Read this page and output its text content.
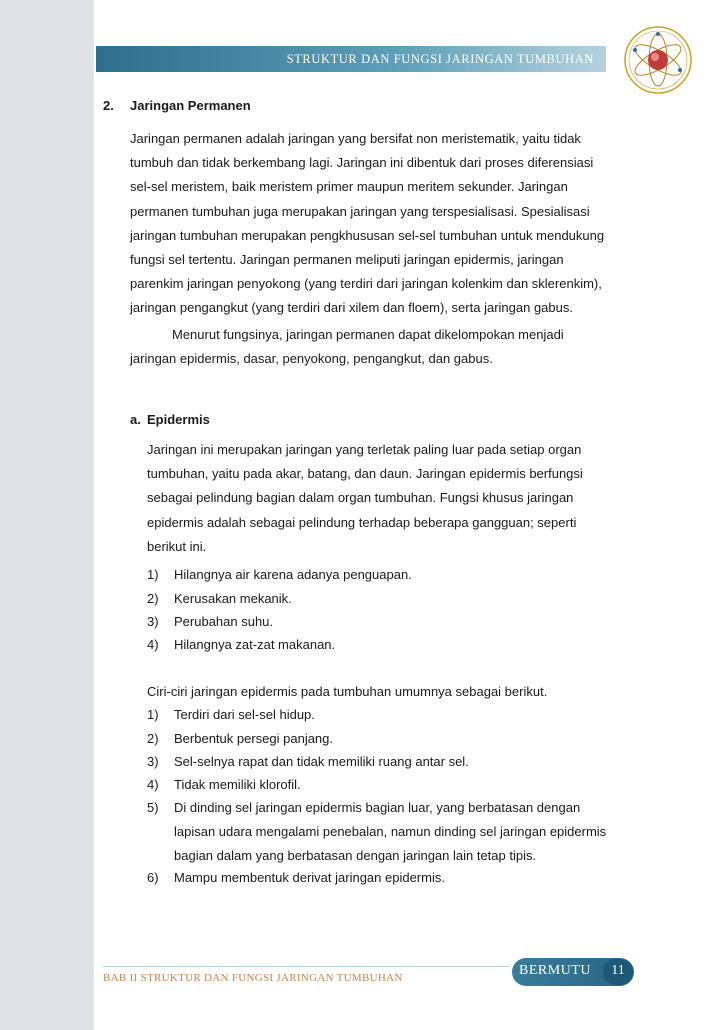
STRUKTUR DAN FUNGSI JARINGAN TUMBUHAN
2. Jaringan Permanen
Jaringan permanen adalah jaringan yang bersifat non meristematik, yaitu tidak
tumbuh dan tidak berkembang lagi. Jaringan ini dibentuk dari proses diferensiasi
sel-sel meristem, baik meristem primer maupun meritem sekunder. Jaringan
permanen tumbuhan juga merupakan jaringan yang terspesialisasi. Spesialisasi
jaringan tumbuhan merupakan pengkhususan sel-sel tumbuhan untuk mendukung
fungsi sel tertentu. Jaringan permanen meliputi jaringan epidermis, jaringan
parenkim jaringan penyokong (yang terdiri dari jaringan kolenkim dan sklerenkim),
jaringan pengangkut (yang terdiri dari xilem dan floem), serta jaringan gabus.
Menurut fungsinya, jaringan permanen dapat dikelompokan menjadi
jaringan epidermis, dasar, penyokong, pengangkut, dan gabus.
a. Epidermis
Jaringan ini merupakan jaringan yang terletak paling luar pada setiap organ
tumbuhan, yaitu pada akar, batang, dan daun. Jaringan epidermis berfungsi
sebagai pelindung bagian dalam organ tumbuhan. Fungsi khusus jaringan
epidermis adalah sebagai pelindung terhadap beberapa gangguan; seperti
berikut ini.
1) Hilangnya air karena adanya penguapan.
2) Kerusakan mekanik.
3) Perubahan suhu.
4) Hilangnya zat-zat makanan.
Ciri-ciri jaringan epidermis pada tumbuhan umumnya sebagai berikut.
1) Terdiri dari sel-sel hidup.
2) Berbentuk persegi panjang.
3) Sel-selnya rapat dan tidak memiliki ruang antar sel.
4) Tidak memiliki klorofil.
5) Di dinding sel jaringan epidermis bagian luar, yang berbatasan dengan
lapisan udara mengalami penebalan, namun dinding sel jaringan epidermis
bagian dalam yang berbatasan dengan jaringan lain tetap tipis.
6) Mampu membentuk derivat jaringan epidermis.
BAB II STRUKTUR DAN FUNGSI JARINGAN TUMBUHAN	BERMUTU	11
